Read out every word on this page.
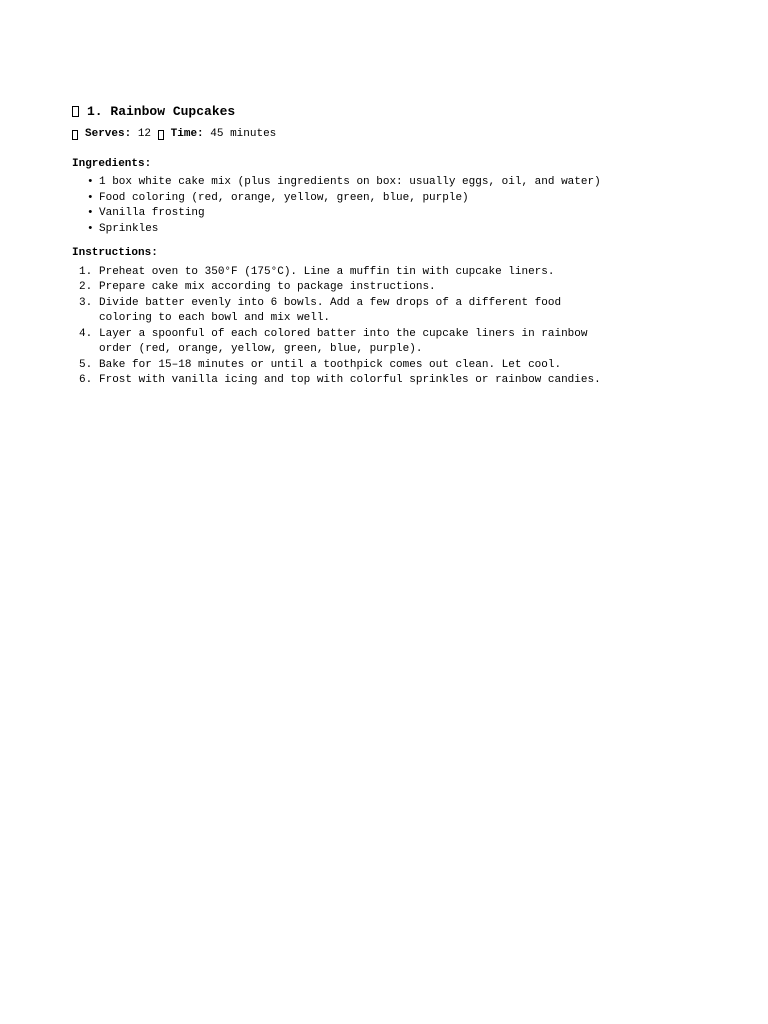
1. Rainbow Cupcakes
Serves:
12
Time:
45 minutes
Ingredients:
• 1 box white cake mix (plus ingredients on box: usually eggs, oil, and water)
• Food coloring (red, orange, yellow, green, blue, purple)
• Vanilla frosting
• Sprinkles
Instructions:
1. Preheat oven to 350°F (175°C). Line a muffin tin with cupcake liners.
2. Prepare cake mix according to package instructions.
3. Divide batter evenly into 6 bowls. Add a few drops of a different food coloring to each bowl and mix well.
4. Layer a spoonful of each colored batter into the cupcake liners in rainbow order (red, orange, yellow, green, blue, purple).
5. Bake for 15–18 minutes or until a toothpick comes out clean. Let cool.
6. Frost with vanilla icing and top with colorful sprinkles or rainbow candies.
